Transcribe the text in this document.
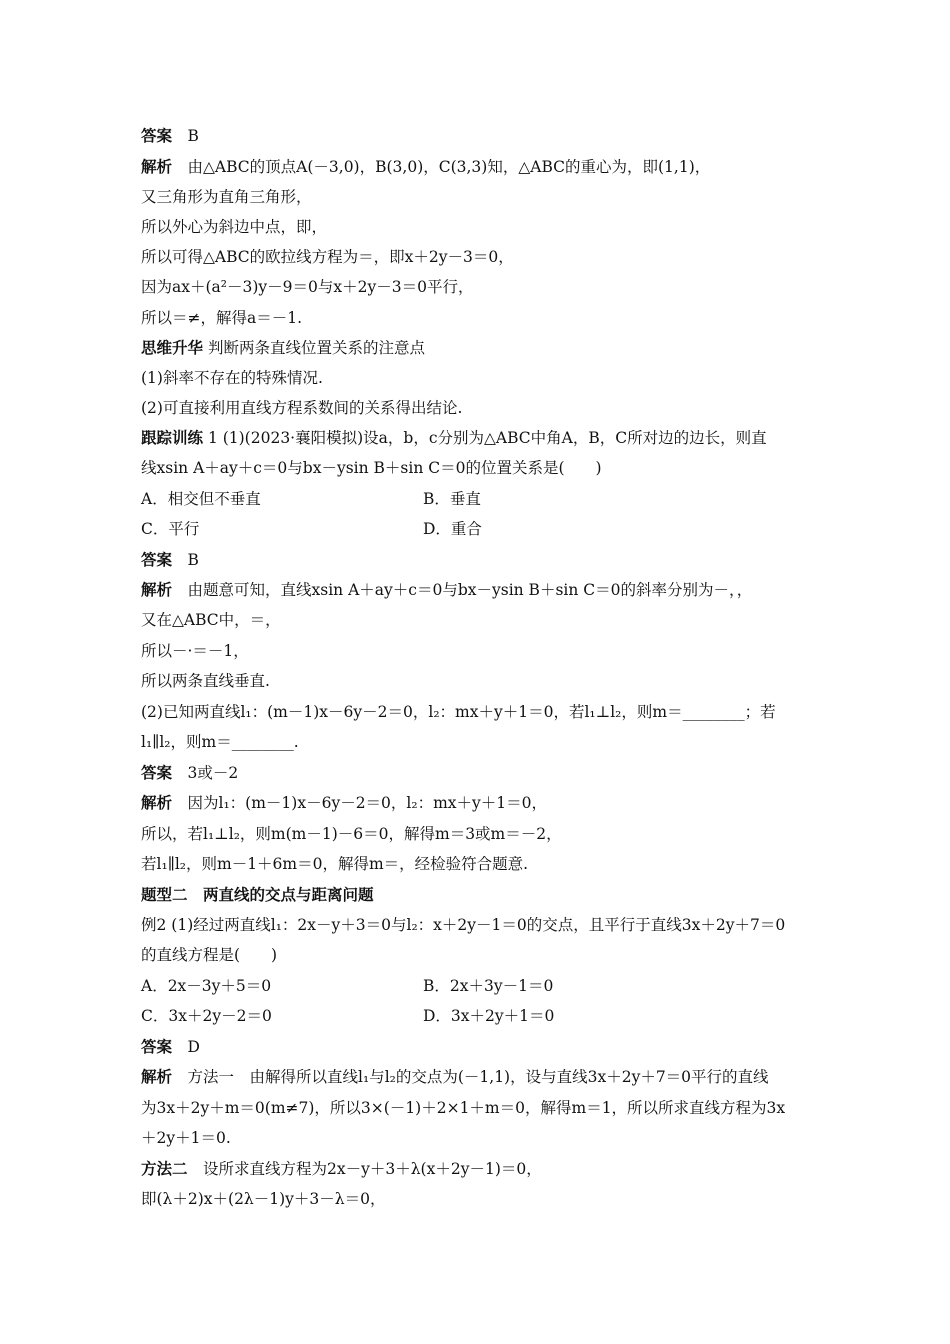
答案　B
解析　由△ABC的顶点A(－3,0)，B(3,0)，C(3,3)知，△ABC的重心为，即(1,1)，
又三角形为直角三角形，
所以外心为斜边中点，即，
所以可得△ABC的欧拉线方程为＝，即x＋2y－3＝0，
因为ax＋(a²－3)y－9＝0与x＋2y－3＝0平行，
所以＝≠，解得a＝－1.
思维升华 判断两条直线位置关系的注意点
(1)斜率不存在的特殊情况.
(2)可直接利用直线方程系数间的关系得出结论.
跟踪训练 1 (1)(2023·襄阳模拟)设a，b，c分别为△ABC中角A，B，C所对边的边长，则直
线xsin A＋ay＋c＝0与bx－ysin B＋sin C＝0的位置关系是(　　)
A．相交但不垂直	B．垂直
C．平行	D．重合
答案　B
解析　由题意可知，直线xsin A＋ay＋c＝0与bx－ysin B＋sin C＝0的斜率分别为－，，
又在△ABC中，＝，
所以－·＝－1，
所以两条直线垂直.
(2)已知两直线l₁：(m－1)x－6y－2＝0，l₂：mx＋y＋1＝0，若l₁⊥l₂，则m＝________；若
l₁∥l₂，则m＝________.
答案　3或－2
解析　因为l₁：(m－1)x－6y－2＝0，l₂：mx＋y＋1＝0，
所以，若l₁⊥l₂，则m(m－1)－6＝0，解得m＝3或m＝－2，
若l₁∥l₂，则m－1＋6m＝0，解得m＝，经检验符合题意.
题型二　两直线的交点与距离问题
例2 (1)经过两直线l₁：2x－y＋3＝0与l₂：x＋2y－1＝0的交点，且平行于直线3x＋2y＋7＝0
的直线方程是(　　)
A．2x－3y＋5＝0	B．2x＋3y－1＝0
C．3x＋2y－2＝0	D．3x＋2y＋1＝0
答案　D
解析　方法一　由解得所以直线l₁与l₂的交点为(－1,1)，设与直线3x＋2y＋7＝0平行的直线
为3x＋2y＋m＝0(m≠7)，所以3×(－1)＋2×1＋m＝0，解得m＝1，所以所求直线方程为3x
＋2y＋1＝0.
方法二　设所求直线方程为2x－y＋3＋λ(x＋2y－1)＝0，
即(λ＋2)x＋(2λ－1)y＋3－λ＝0，
